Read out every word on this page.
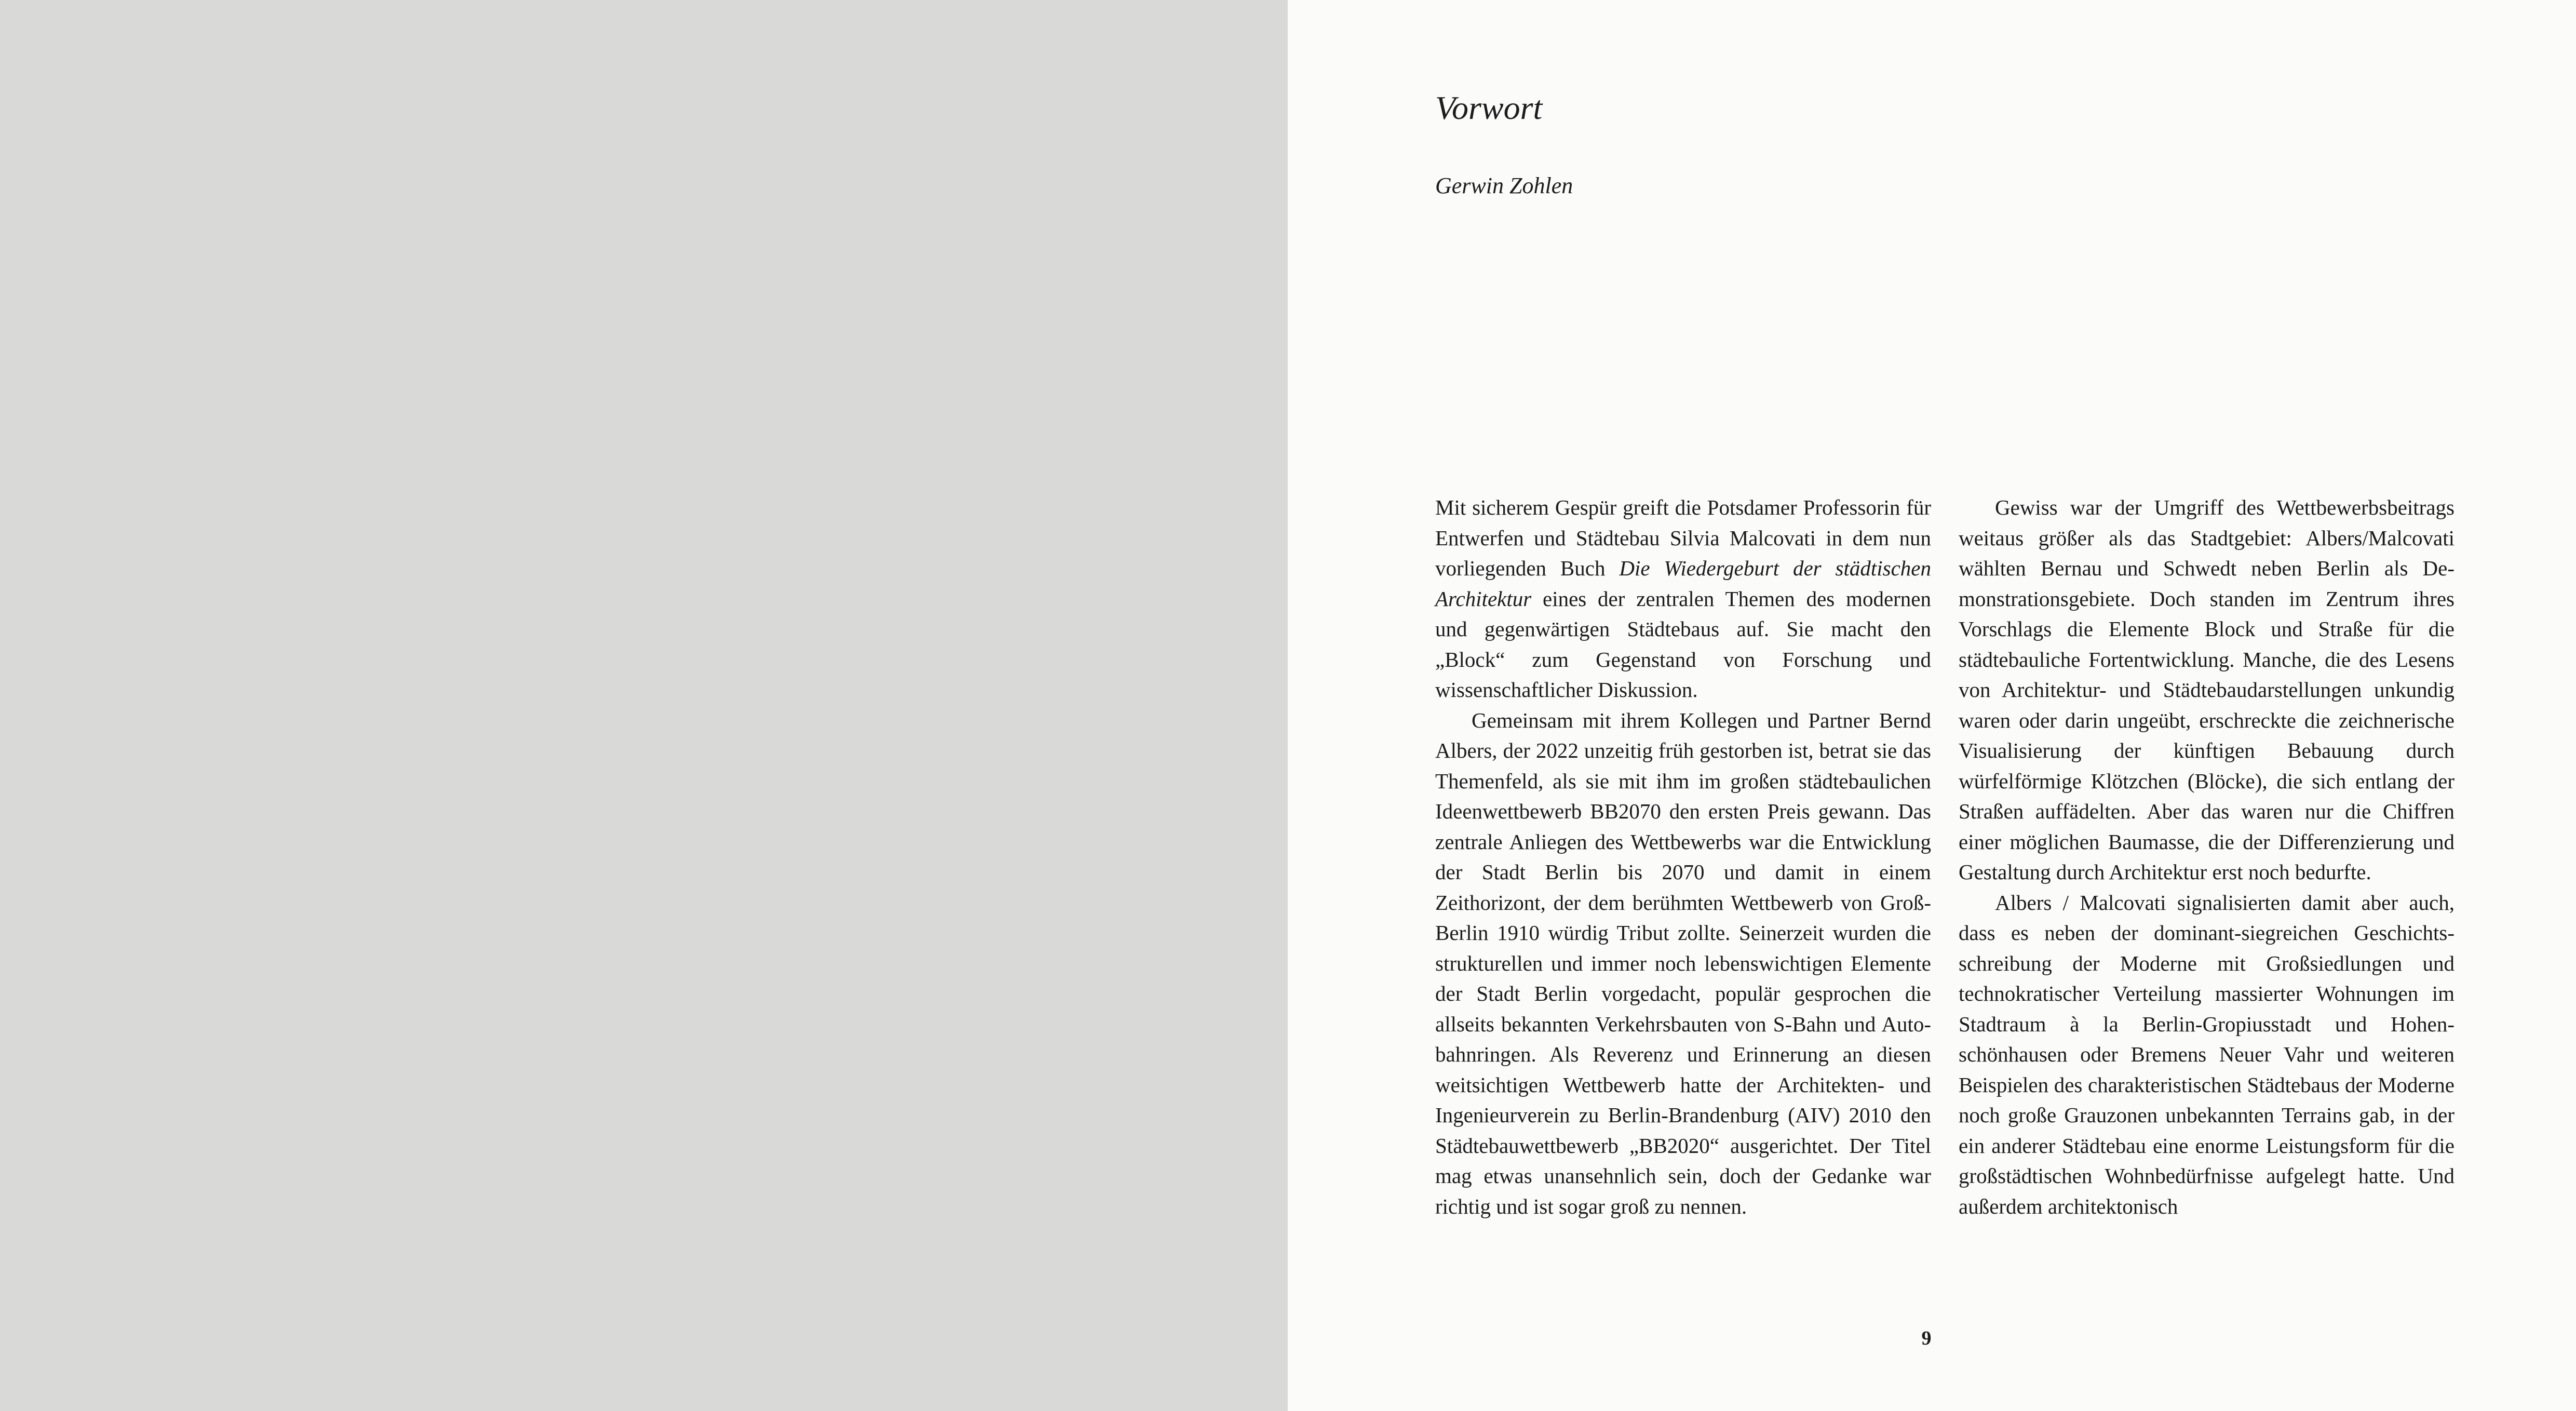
Vorwort

Gerwin Zohlen

Mit sicherem Gespür greift die Potsdamer Professorin für Entwerfen und Städtebau Silvia Malcovati in dem nun vorliegenden Buch Die Wiedergeburt der städtischen Architektur eines der zentralen Themen des modernen und gegenwärtigen Städtebaus auf. Sie macht den „Block“ zum Gegenstand von Forschung und wissenschaftlicher Diskussion.

Gemeinsam mit ihrem Kollegen und Partner Bernd Albers, der 2022 unzeitig früh gestorben ist, betrat sie das Themenfeld, als sie mit ihm im großen städtebaulichen Ideenwettbewerb BB2070 den ersten Preis gewann. Das zentrale Anliegen des Wettbewerbs war die Entwicklung der Stadt Berlin bis 2070 und damit in einem Zeithorizont, der dem berühmten Wettbewerb von Groß-Berlin 1910 würdig Tribut zollte. Seinerzeit wurden die strukturellen und immer noch lebenswichtigen Elemente der Stadt Berlin vorgedacht, populär gesprochen die allseits bekannten Verkehrsbauten von S-Bahn und Autobahnringen. Als Reverenz und Erinnerung an diesen weitsichtigen Wettbewerb hatte der Architekten- und Ingenieurverein zu Berlin-Brandenburg (AIV) 2010 den Städtebauwettbewerb „BB2020“ ausgerichtet. Der Titel mag etwas unansehnlich sein, doch der Gedanke war richtig und ist sogar groß zu nennen.

Gewiss war der Umgriff des Wettbewerbsbeitrags weitaus größer als das Stadtgebiet: Albers/Malcovati wählten Bernau und Schwedt neben Berlin als Demonstrationsgebiete. Doch standen im Zentrum ihres Vorschlags die Elemente Block und Straße für die städtebauliche Fortentwicklung. Manche, die des Lesens von Architektur- und Städtebaudarstellungen unkundig waren oder darin ungeübt, erschreckte die zeichnerische Visualisierung der künftigen Bebauung durch würfelförmige Klötzchen (Blöcke), die sich entlang der Straßen auffädelten. Aber das waren nur die Chiffren einer möglichen Baumasse, die der Differenzierung und Gestaltung durch Architektur erst noch bedurfte.

Albers / Malcovati signalisierten damit aber auch, dass es neben der dominant-siegreichen Geschichtsschreibung der Moderne mit Großsiedlungen und technokratischer Verteilung massierter Wohnungen im Stadtraum à la Berlin-Gropiusstadt und Hohenschönhausen oder Bremens Neuer Vahr und weiteren Beispielen des charakteristischen Städtebaus der Moderne noch große Grauzonen unbekannten Terrains gab, in der ein anderer Städtebau eine enorme Leistungsform für die großstädtischen Wohnbedürfnisse aufgelegt hatte. Und außerdem architektonisch

9
